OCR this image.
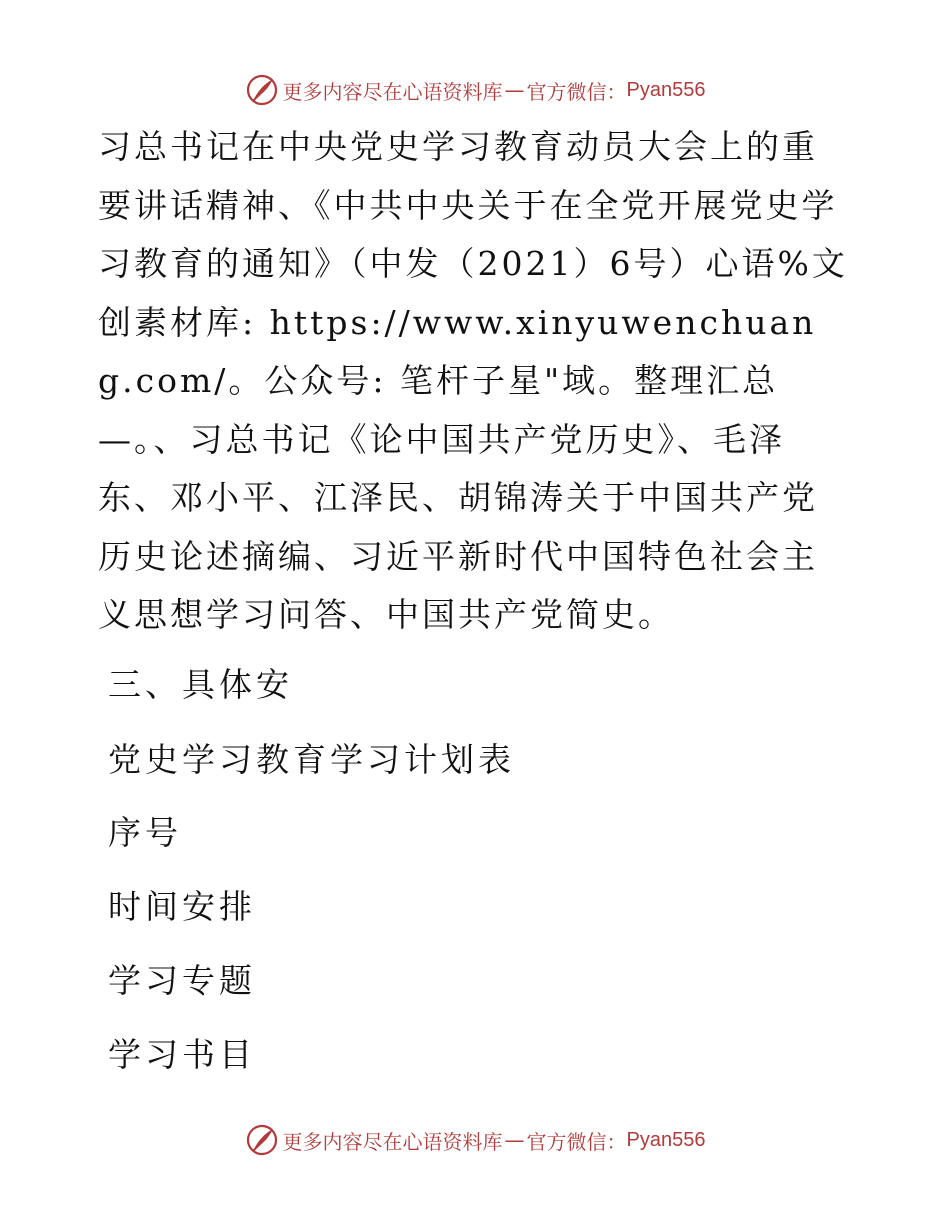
更多内容尽在心语资料库 — 官方微信： Pyan556
习总书记在中央党史学习教育动员大会上的重要讲话精神、《中共中央关于在全党开展党史学习教育的通知》（中发（2021）6号）心语%文创素材库: https://www.xinyuwenchuang.com/。公众号: 笔杆子星"域。整理汇总—。、习总书记《论中国共产党历史》、毛泽东、邓小平、江泽民、胡锦涛关于中国共产党历史论述摘编、习近平新时代中国特色社会主义思想学习问答、中国共产党简史。
三、具体安
党史学习教育学习计划表
序号
时间安排
学习专题
学习书目
更多内容尽在心语资料库 — 官方微信： Pyan556
